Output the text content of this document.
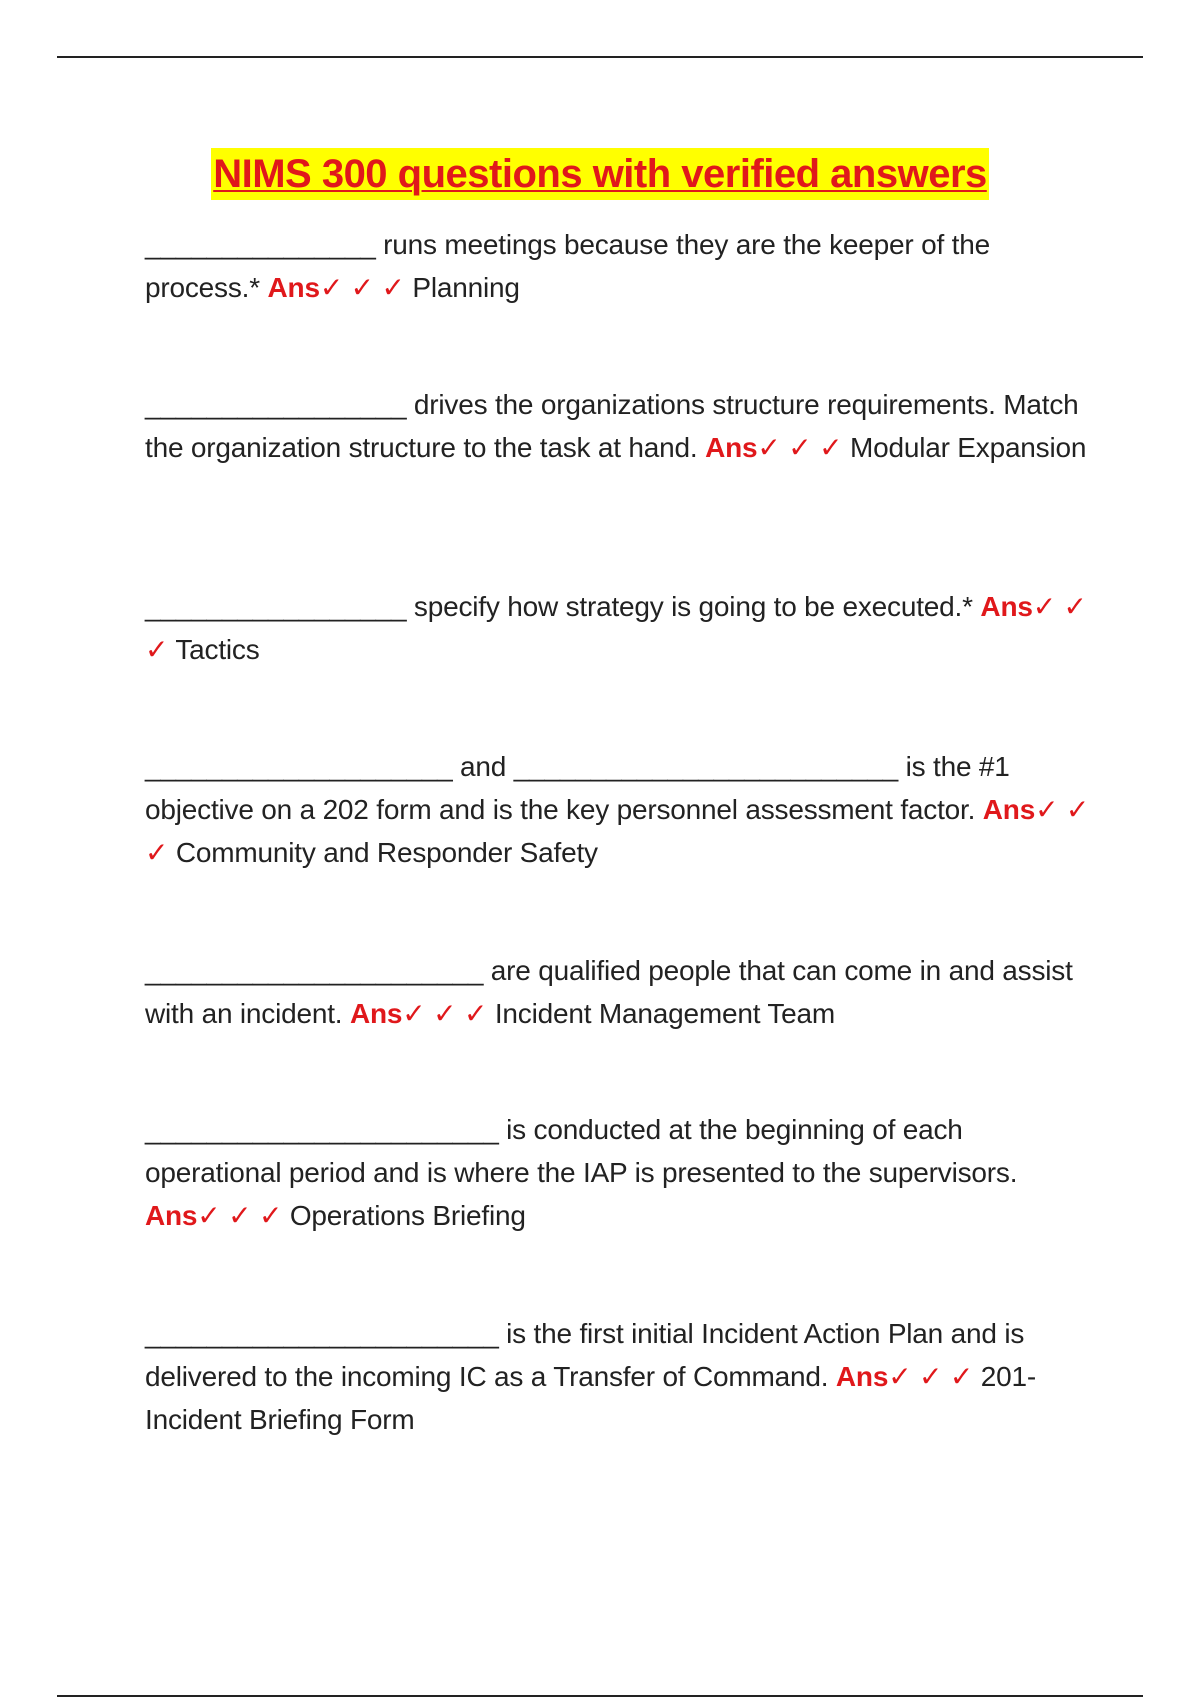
NIMS 300 questions with verified answers
_______________ runs meetings because they are the keeper of the process.* Ans✓ ✓ ✓ Planning
_________________ drives the organizations structure requirements. Match the organization structure to the task at hand. Ans✓ ✓ ✓ Modular Expansion
_________________ specify how strategy is going to be executed.* Ans✓ ✓ ✓ Tactics
____________________ and _________________________ is the #1 objective on a 202 form and is the key personnel assessment factor. Ans✓ ✓ ✓ Community and Responder Safety
______________________ are qualified people that can come in and assist with an incident. Ans✓ ✓ ✓ Incident Management Team
_______________________ is conducted at the beginning of each operational period and is where the IAP is presented to the supervisors. Ans✓ ✓ ✓ Operations Briefing
_______________________ is the first initial Incident Action Plan and is delivered to the incoming IC as a Transfer of Command. Ans✓ ✓ ✓ 201-Incident Briefing Form
